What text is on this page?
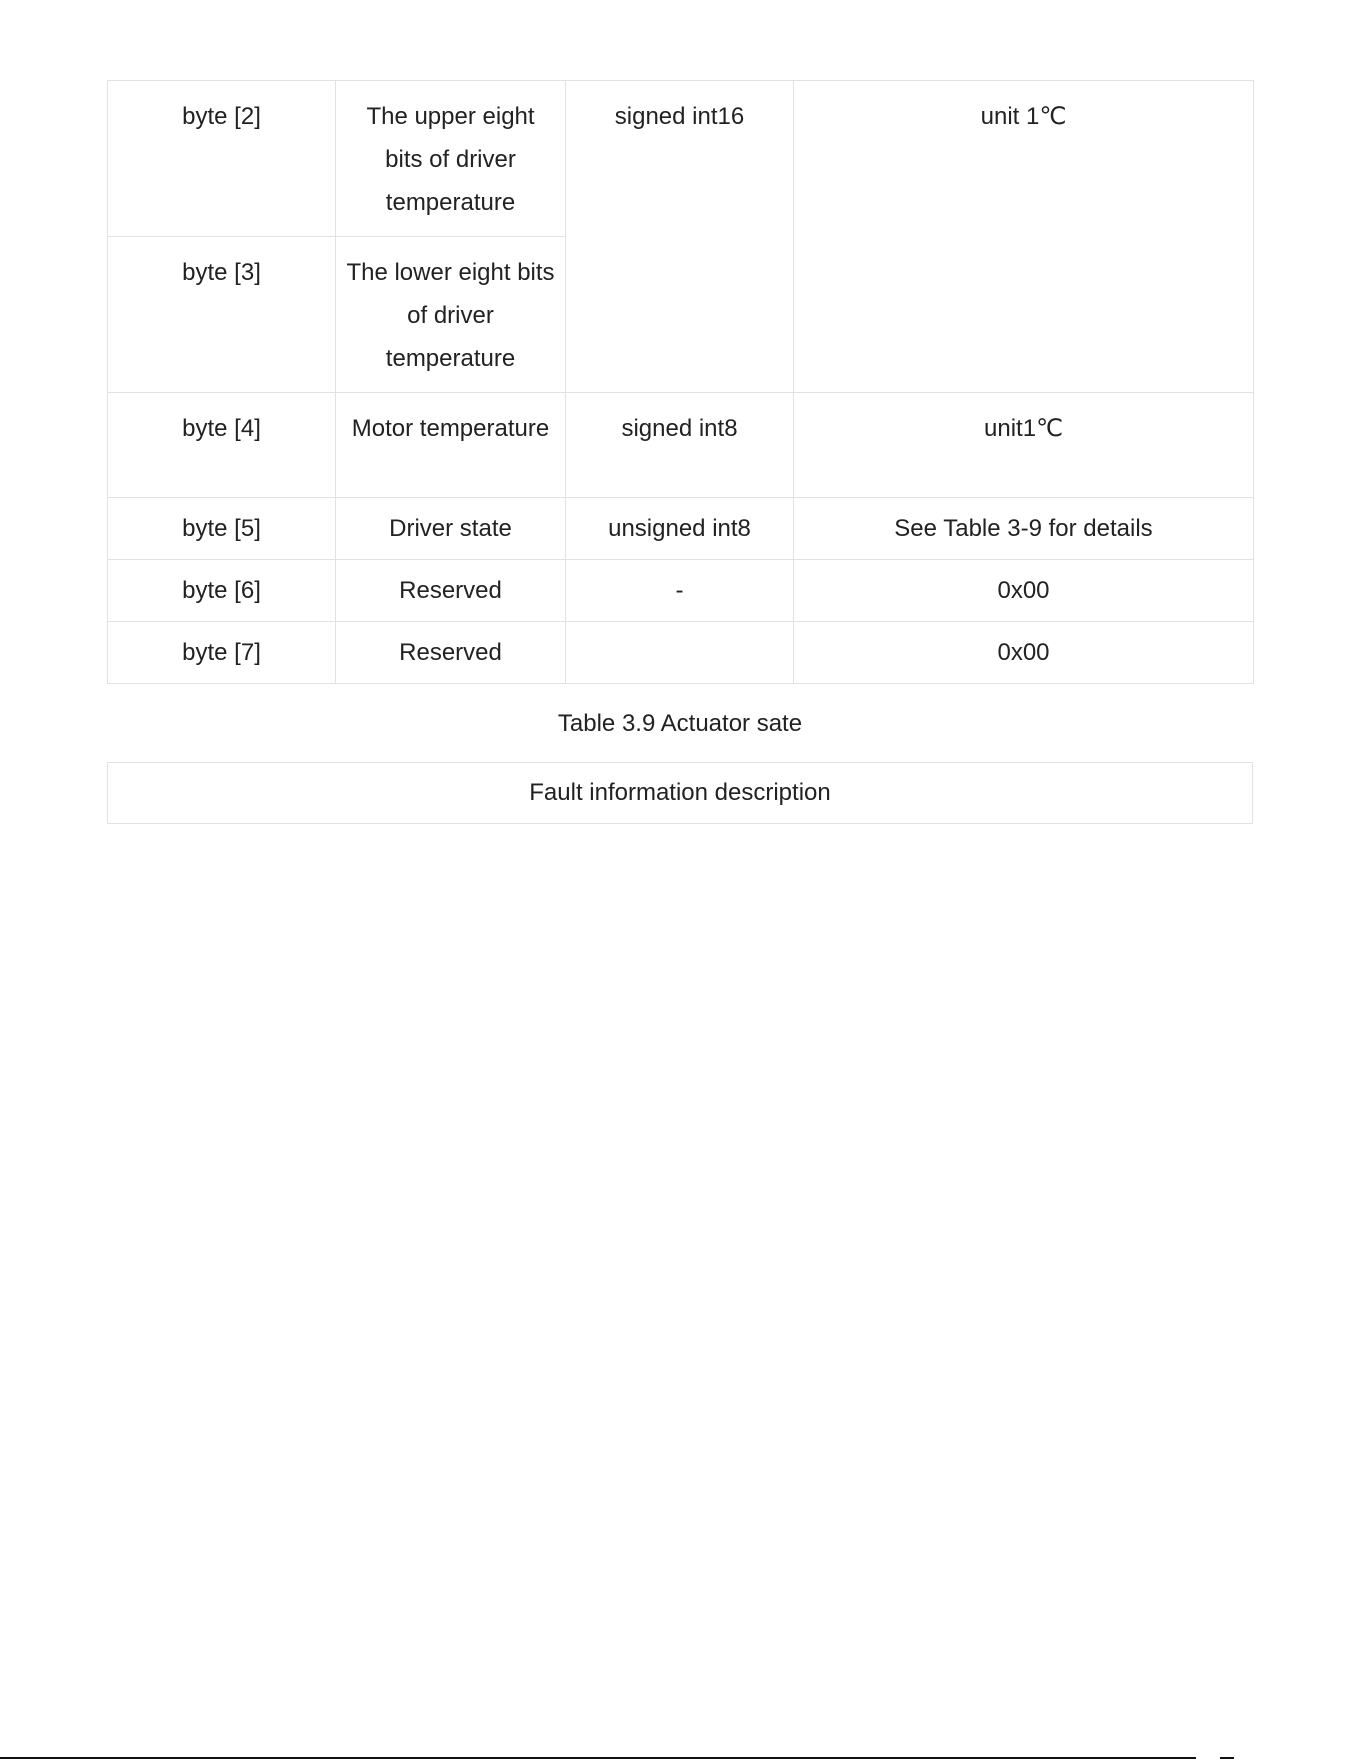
byte [2]	The upper eight bits of driver temperature	signed int16	unit 1℃
byte [3]	The lower eight bits of driver temperature		
byte [4]	Motor temperature	signed int8	unit1℃
byte [5]	Driver state	unsigned int8	See Table 3-9 for details
byte [6]	Reserved	-	0x00
byte [7]	Reserved		0x00
Table 3.9 Actuator sate
Fault information description
